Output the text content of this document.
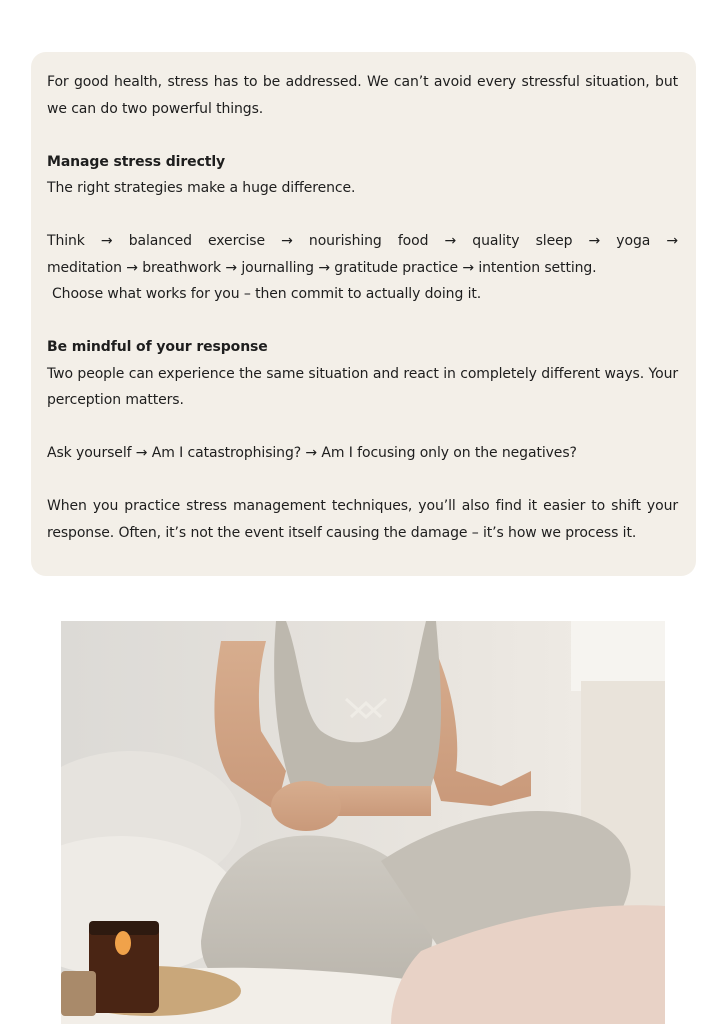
For good health, stress has to be addressed. We can’t avoid every stressful situation, but we can do two powerful things.

Manage stress directly

The right strategies make a huge difference.

Think → balanced exercise → nourishing food → quality sleep → yoga →
meditation → breathwork → journalling → gratitude practice → intention setting.
Choose what works for you – then commit to actually doing it.

Be mindful of your response

Two people can experience the same situation and react in completely different ways. Your perception matters.

Ask yourself → Am I catastrophising? → Am I focusing only on the negatives?

When you practice stress management techniques, you’ll also find it easier to shift your response. Often, it’s not the event itself causing the damage – it’s how we process it.
